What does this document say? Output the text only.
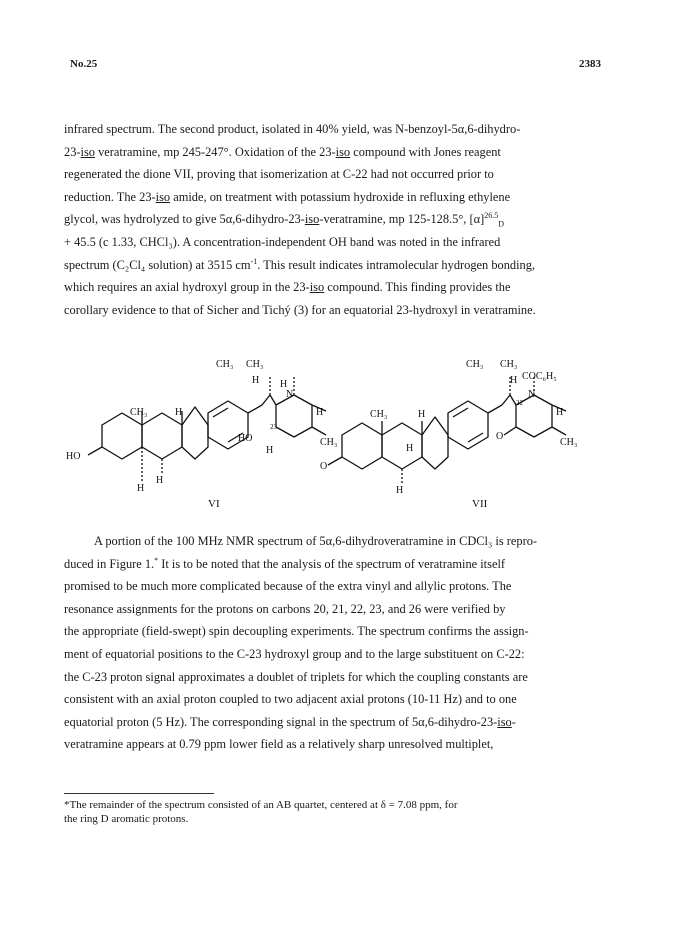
No.25	2383
infrared spectrum. The second product, isolated in 40% yield, was N-benzoyl-5α,6-dihydro-
23-iso veratramine, mp 245-247°. Oxidation of the 23-iso compound with Jones reagent
regenerated the dione VII, proving that isomerization at C-22 had not occurred prior to
reduction. The 23-iso amide, on treatment with potassium hydroxide in refluxing ethylene
glycol, was hydrolyzed to give 5α,6-dihydro-23-iso-veratramine, mp 125-128.5°, $[\alpha]^{26.5}_D$
+ 45.5 (c 1.33, CHCl₃). A concentration-independent OH band was noted in the infrared
spectrum (C₂Cl₄ solution) at 3515 $cm^{-1}$. This result indicates intramolecular hydrogen bonding,
which requires an axial hydroxyl group in the 23-iso compound. This finding provides the
corollary evidence to that of Sicher and Tichý (3) for an equatorial 23-hydroxyl in veratramine.
CH₃ CH₃
H H
N
23
H
CH₃
H
HO
CH₃	H
H
H
HO
VI
CH₃ CH₃
H COC₆H₅
N
22
H
CH₃
H
O
CH₃
H
O
H
VII
A portion of the 100 MHz NMR spectrum of 5α,6-dihydroveratramine in CDCl₃ is repro-
duced in Figure 1.* It is to be noted that the analysis of the spectrum of veratramine itself
promised to be much more complicated because of the extra vinyl and allylic protons. The
resonance assignments for the protons on carbons 20, 21, 22, 23, and 26 were verified by
the appropriate (field-swept) spin decoupling experiments. The spectrum confirms the assign-
ment of equatorial positions to the C-23 hydroxyl group and to the large substituent on C-22:
the C-23 proton signal approximates a doublet of triplets for which the coupling constants are
consistent with an axial proton coupled to two adjacent axial protons (10-11 Hz) and to one
equatorial proton (5 Hz). The corresponding signal in the spectrum of 5α,6-dihydro-23-iso-
veratramine appears at 0.79 ppm lower field as a relatively sharp unresolved multiplet,
*The remainder of the spectrum consisted of an AB quartet, centered at δ = 7.08 ppm, for
the ring D aromatic protons.
